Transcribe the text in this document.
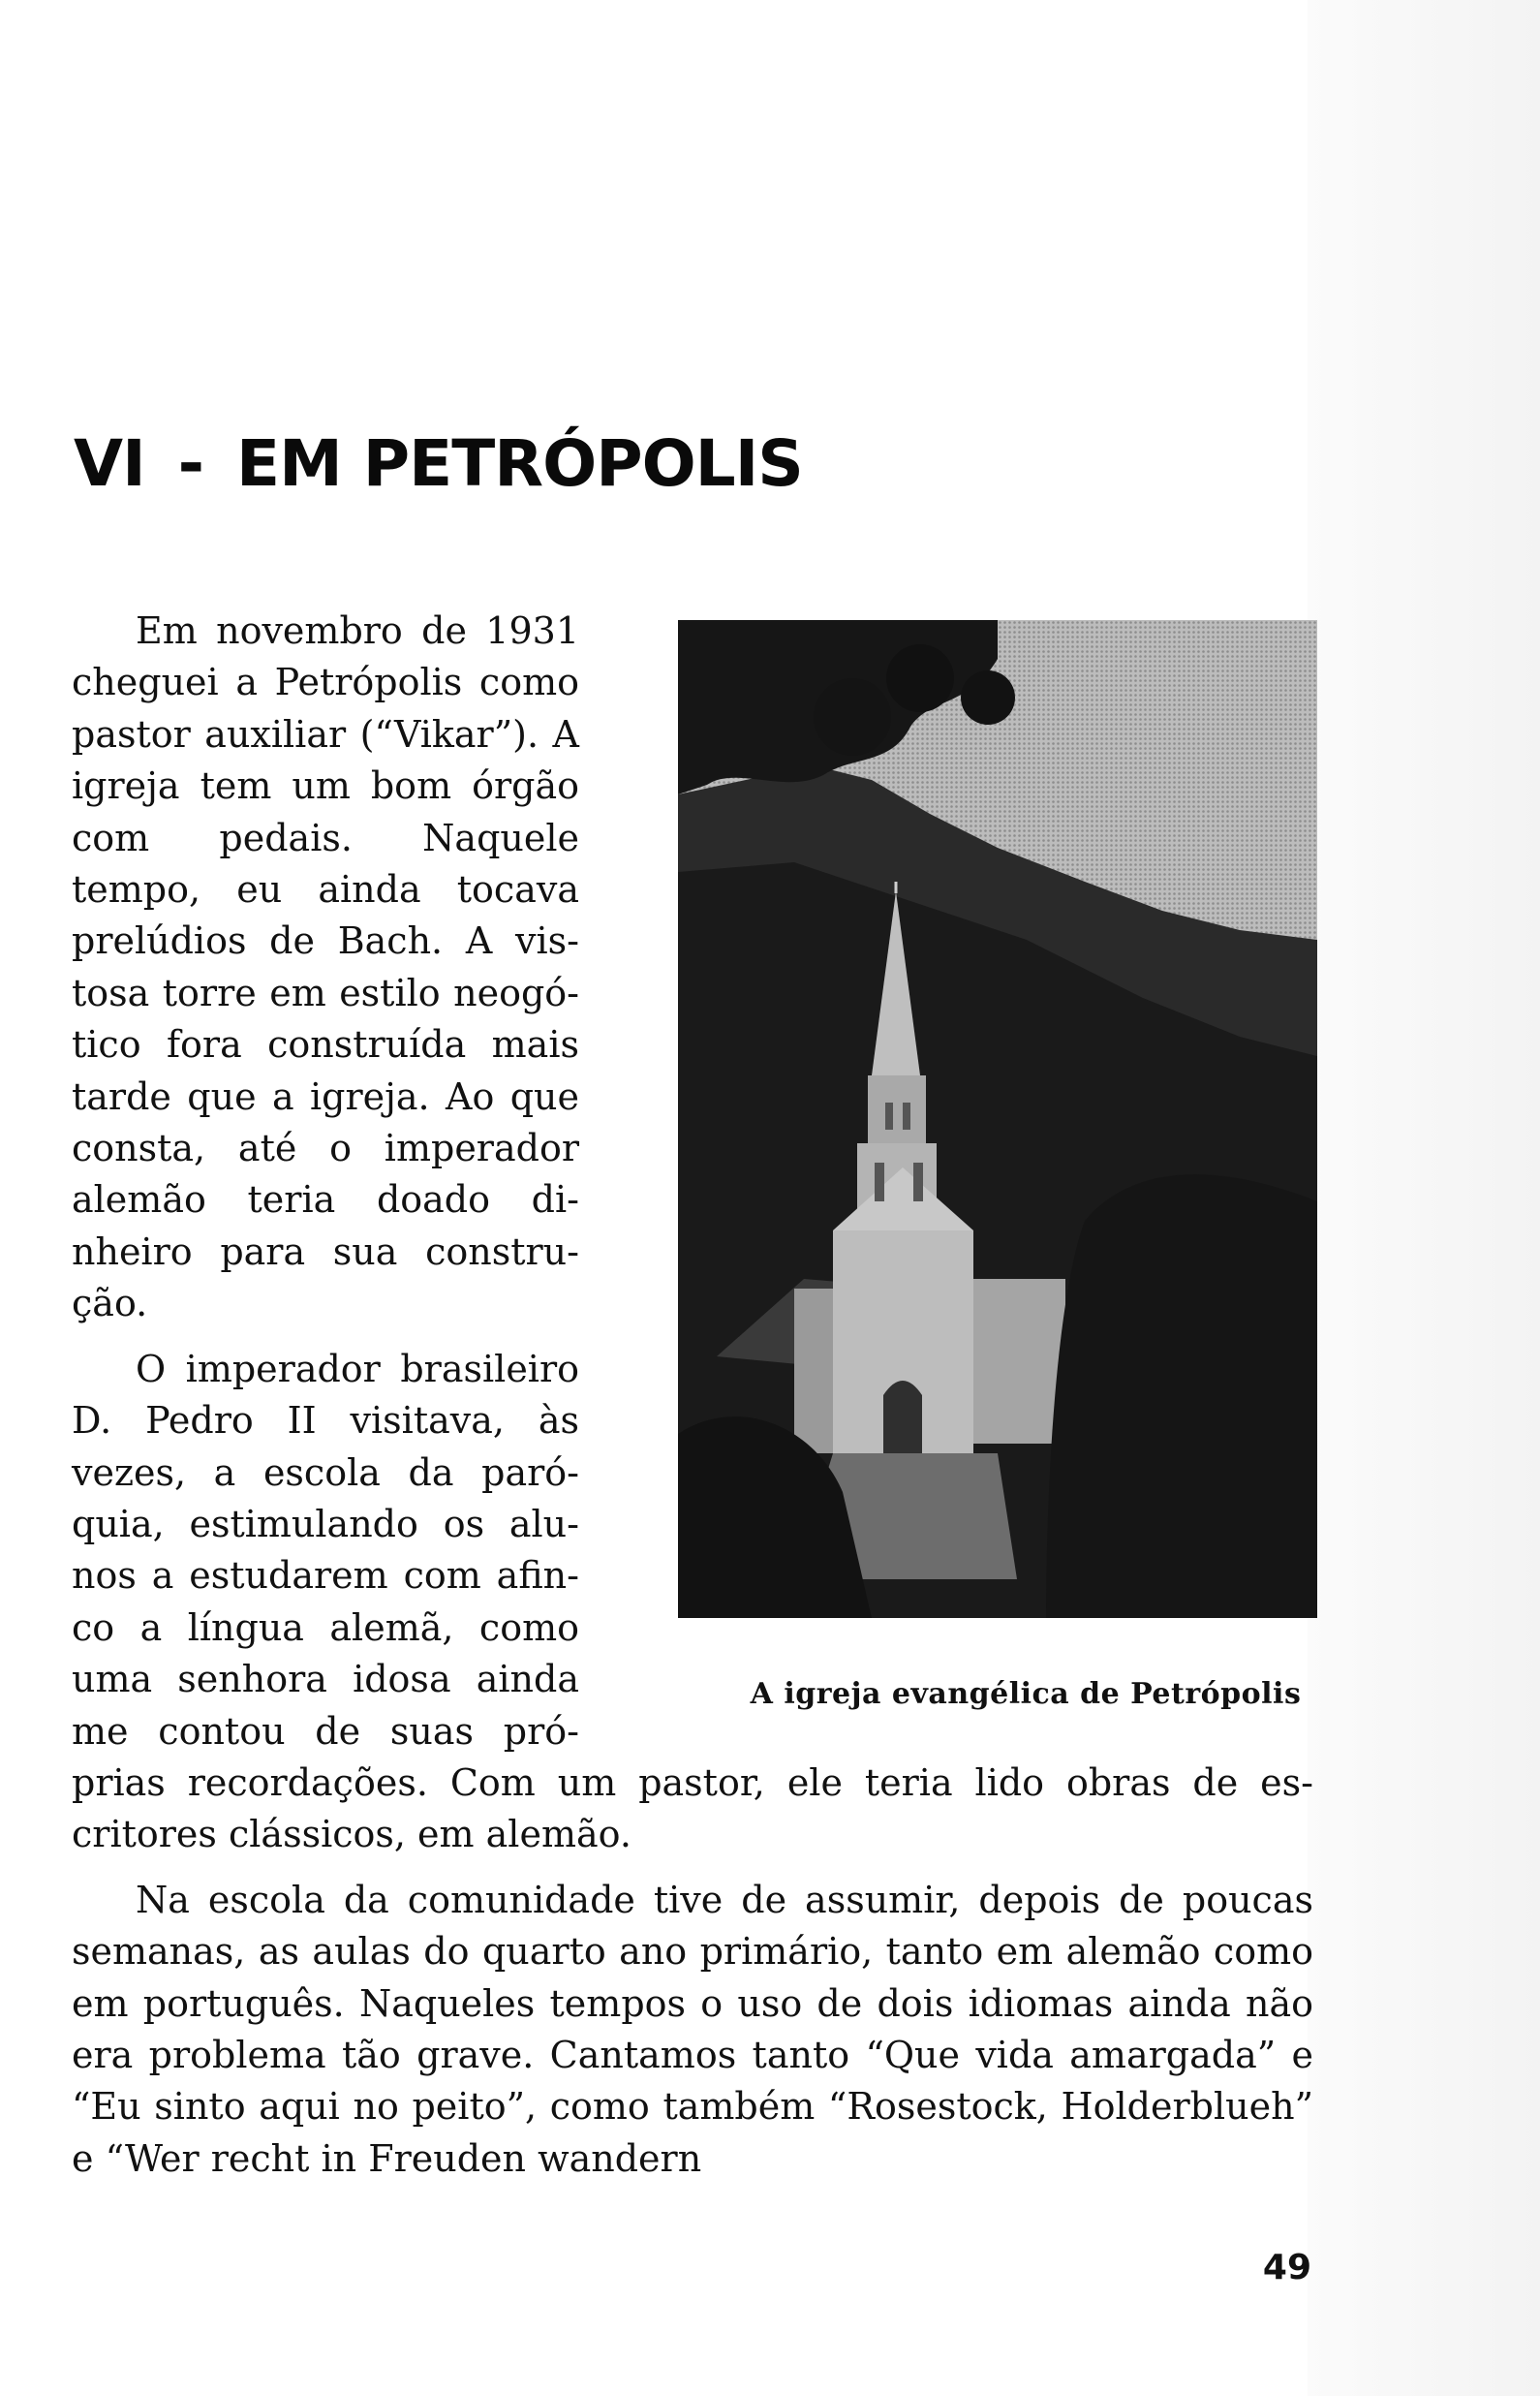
VI - EM PETRÓPOLIS

A igreja evangélica de Petrópolis

Em novembro de 1931 cheguei a Petrópolis como pastor auxiliar (“Vikar”). A igreja tem um bom órgão com pedais. Naquele tempo, eu ainda tocava prelúdios de Bach. A vistosa torre em estilo neogótico fora construída mais tarde que a igreja. Ao que consta, até o imperador alemão teria doado dinheiro para sua construção.

O imperador brasileiro D. Pedro II visitava, às vezes, a escola da paróquia, estimulando os alunos a estudarem com afinco a língua alemã, como uma senhora idosa ainda me contou de suas próprias recordações. Com um pastor, ele teria lido obras de escritores clássicos, em alemão.

Na escola da comunidade tive de assumir, depois de poucas semanas, as aulas do quarto ano primário, tanto em alemão como em português. Naqueles tempos o uso de dois idiomas ainda não era problema tão grave. Cantamos tanto “Que vida amargada” e “Eu sinto aqui no peito”, como também “Rosestock, Holderblueh” e “Wer recht in Freuden wandern

49
